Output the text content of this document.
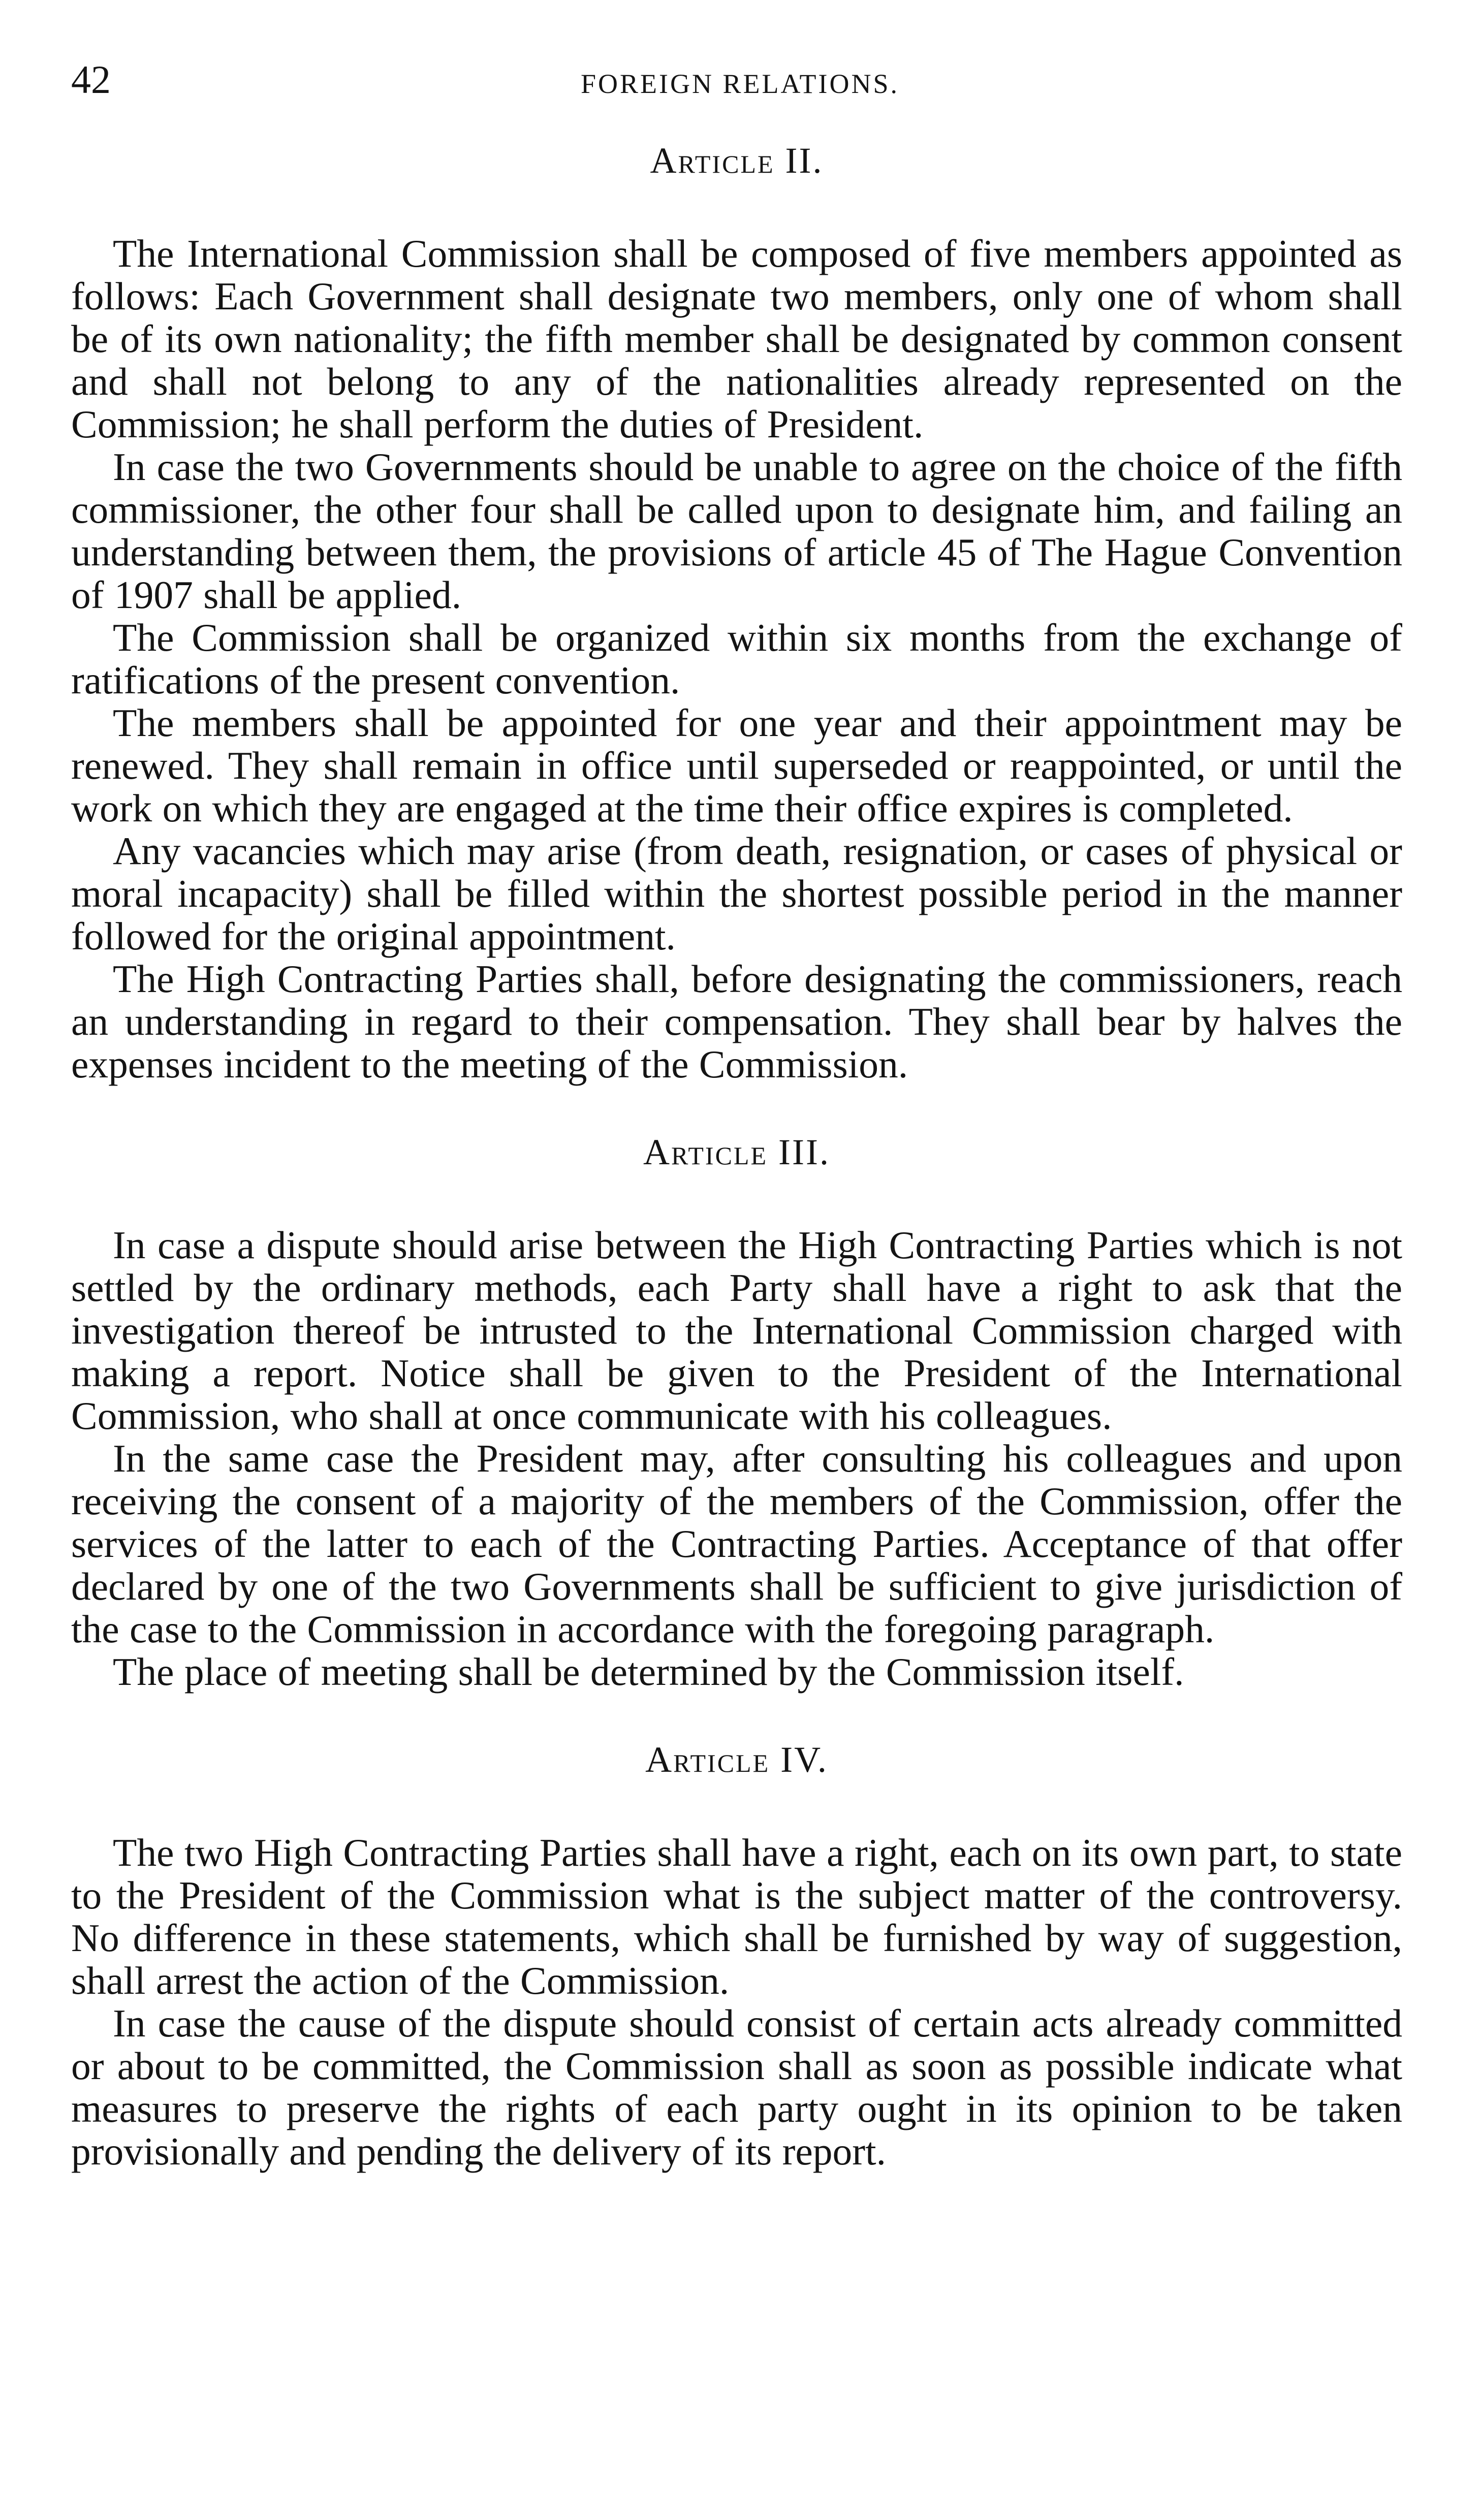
42	FOREIGN RELATIONS.
Article II.

The International Commission shall be composed of five members appointed as follows: Each Government shall designate two members, only one of whom shall be of its own nationality; the fifth member shall be designated by common consent and shall not belong to any of the nationalities already represented on the Commission; he shall perform the duties of President.

In case the two Governments should be unable to agree on the choice of the fifth commissioner, the other four shall be called upon to designate him, and failing an understanding between them, the provisions of article 45 of The Hague Convention of 1907 shall be applied.

The Commission shall be organized within six months from the exchange of ratifications of the present convention.

The members shall be appointed for one year and their appointment may be renewed. They shall remain in office until superseded or reappointed, or until the work on which they are engaged at the time their office expires is completed.

Any vacancies which may arise (from death, resignation, or cases of physical or moral incapacity) shall be filled within the shortest possible period in the manner followed for the original appointment.

The High Contracting Parties shall, before designating the commissioners, reach an understanding in regard to their compensation. They shall bear by halves the expenses incident to the meeting of the Commission.

Article III.

In case a dispute should arise between the High Contracting Parties which is not settled by the ordinary methods, each Party shall have a right to ask that the investigation thereof be intrusted to the International Commission charged with making a report. Notice shall be given to the President of the International Commission, who shall at once communicate with his colleagues.

In the same case the President may, after consulting his colleagues and upon receiving the consent of a majority of the members of the Commission, offer the services of the latter to each of the Contracting Parties. Acceptance of that offer declared by one of the two Governments shall be sufficient to give jurisdiction of the case to the Commission in accordance with the foregoing paragraph.

The place of meeting shall be determined by the Commission itself.

Article IV.

The two High Contracting Parties shall have a right, each on its own part, to state to the President of the Commission what is the subject matter of the controversy. No difference in these statements, which shall be furnished by way of suggestion, shall arrest the action of the Commission.

In case the cause of the dispute should consist of certain acts already committed or about to be committed, the Commission shall as soon as possible indicate what measures to preserve the rights of each party ought in its opinion to be taken provisionally and pending the delivery of its report.
